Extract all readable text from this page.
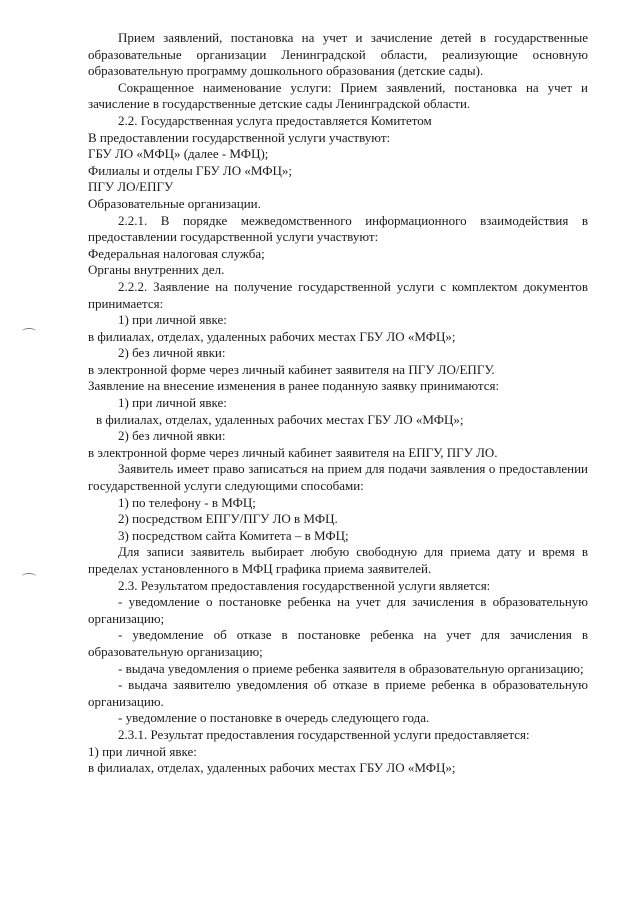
Прием заявлений, постановка на учет и зачисление детей в государственные образовательные организации Ленинградской области, реализующие основную образовательную программу дошкольного образования (детские сады).

Сокращенное наименование услуги: Прием заявлений, постановка на учет и зачисление в государственные детские сады Ленинградской области.

2.2. Государственная услуга предоставляется Комитетом

В предоставлении государственной услуги участвуют:

ГБУ ЛО «МФЦ» (далее - МФЦ);

Филиалы и отделы ГБУ ЛО «МФЦ»;

ПГУ ЛО/ЕПГУ

Образовательные организации.

2.2.1. В порядке межведомственного информационного взаимодействия в предоставлении государственной услуги участвуют:

Федеральная налоговая служба;

Органы внутренних дел.

2.2.2. Заявление на получение государственной услуги с комплектом документов принимается:

1) при личной явке:

в филиалах, отделах, удаленных рабочих местах ГБУ ЛО «МФЦ»;

2) без личной явки:

в электронной форме через личный кабинет заявителя на ПГУ ЛО/ЕПГУ.

Заявление на внесение изменения в ранее поданную заявку принимаются:

1) при личной явке:

в филиалах, отделах, удаленных рабочих местах ГБУ ЛО «МФЦ»;

2) без личной явки:

в электронной форме через личный кабинет заявителя на ЕПГУ, ПГУ ЛО.

Заявитель имеет право записаться на прием для подачи заявления о предоставлении государственной услуги следующими способами:

1) по телефону - в МФЦ;

2) посредством ЕПГУ/ПГУ ЛО в МФЦ.

3) посредством сайта Комитета – в МФЦ;

Для записи заявитель выбирает любую свободную для приема дату и время в пределах установленного в МФЦ графика приема заявителей.

2.3. Результатом предоставления государственной услуги является:

- уведомление о постановке ребенка на учет для зачисления в образовательную организацию;

- уведомление об отказе в постановке ребенка на учет для зачисления в образовательную организацию;

- выдача уведомления о приеме ребенка заявителя в образовательную организацию;

- выдача заявителю уведомления об отказе в приеме ребенка в образовательную организацию.

- уведомление о постановке в очередь следующего года.

2.3.1. Результат предоставления государственной услуги предоставляется:

1) при личной явке:

в филиалах, отделах, удаленных рабочих местах ГБУ ЛО «МФЦ»;
